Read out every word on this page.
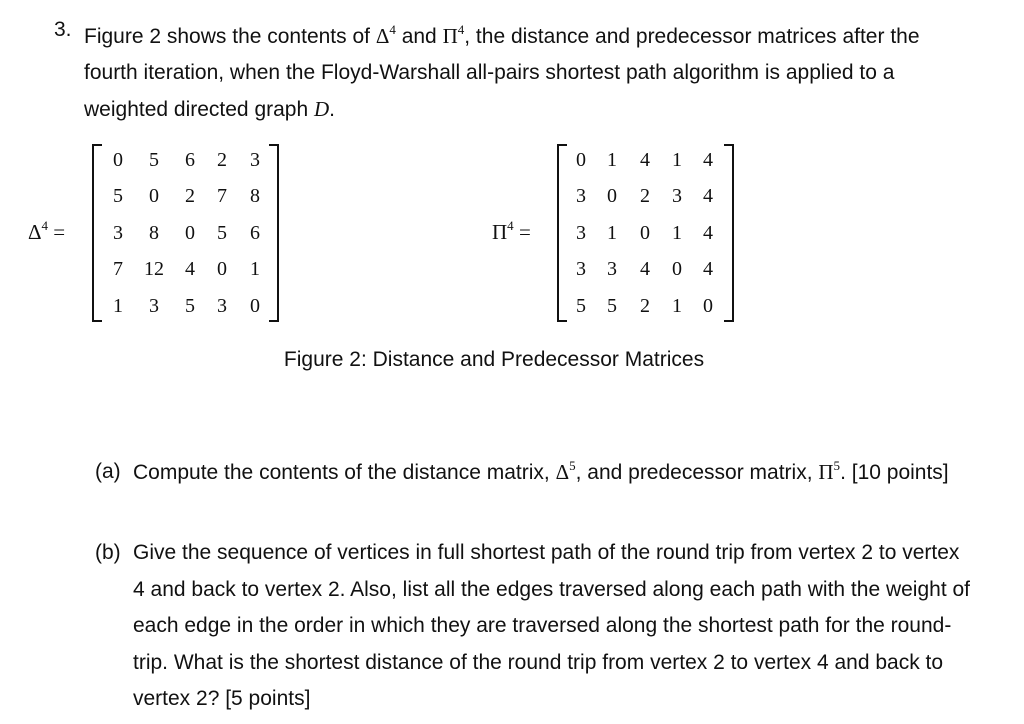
3. Figure 2 shows the contents of $\Delta^4$ and $\Pi^4$, the distance and predecessor matrices after the fourth iteration, when the Floyd-Warshall all-pairs shortest path algorithm is applied to a weighted directed graph D.
$\Delta^4$ =
0	5	6	2	3
5	0	2	7	8
3	8	0	5	6
7	12	4	0	1
1	3	5	3	0
$\Pi^4$ =
0	1	4	1	4
3	0	2	3	4
3	1	0	1	4
3	3	4	0	4
5	5	2	1	0
Figure 2: Distance and Predecessor Matrices
(a) Compute the contents of the distance matrix, $\Delta^5$, and predecessor matrix, $\Pi^5$. [10 points]
(b) Give the sequence of vertices in full shortest path of the round trip from vertex 2 to vertex 4 and back to vertex 2. Also, list all the edges traversed along each path with the weight of each edge in the order in which they are traversed along the shortest path for the round-trip. What is the shortest distance of the round trip from vertex 2 to vertex 4 and back to vertex 2? [5 points]
